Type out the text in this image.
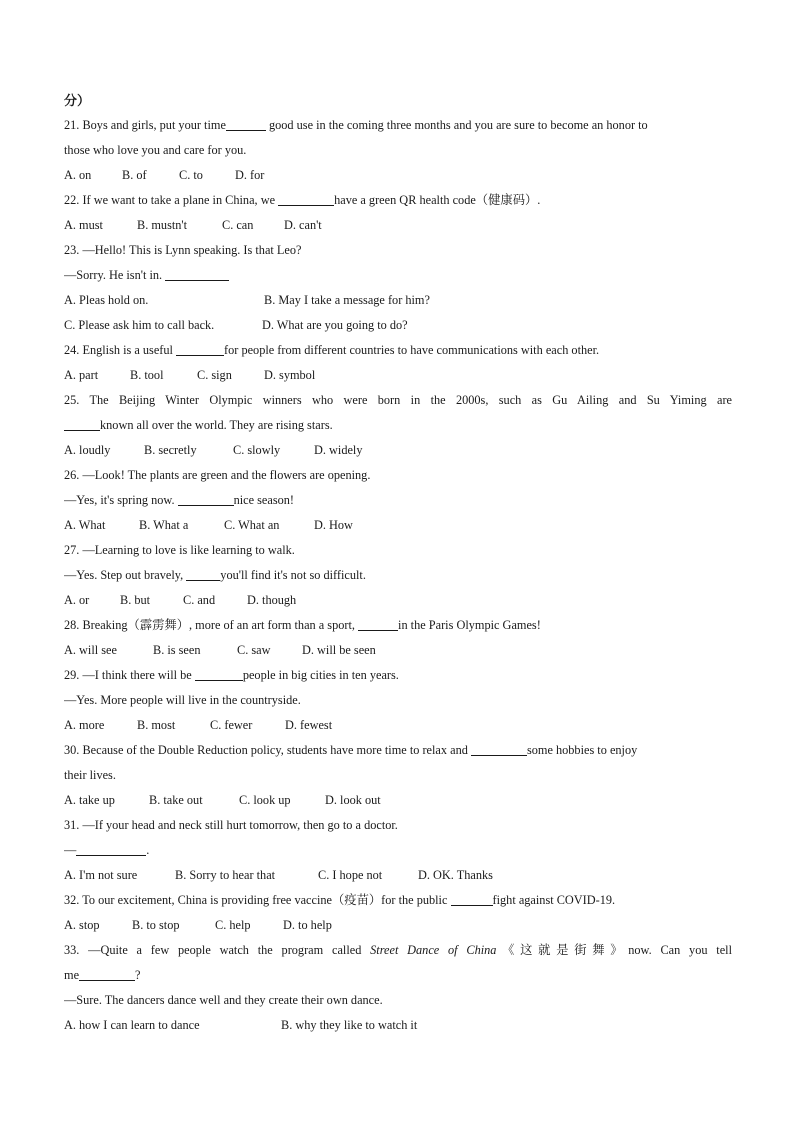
分）
21. Boys and girls, put your time	good use in the coming three months and you are sure to become an honor to
those who love you and care for you.
A. on	B. of	C. to	D. for
22. If we want to take a plane in China, we	have a green QR health code（健康码）.
A. must	B. mustn't	C. can	D. can't
23. —Hello! This is Lynn speaking. Is that Leo?
—Sorry. He isn't in.
A. Pleas hold on.	B. May I take a message for him?
C. Please ask him to call back.	D. What are you going to do?
24. English is a useful	for people from different countries to have communications with each other.
A. part	B. tool	C. sign	D. symbol
25. The Beijing Winter Olympic winners who were born in the 2000s, such as Gu Ailing and Su Yiming are
known all over the world. They are rising stars.
A. loudly	B. secretly	C. slowly	D. widely
26. —Look! The plants are green and the flowers are opening.
—Yes, it's spring now.	nice season!
A. What	B. What a	C. What an	D. How
27. —Learning to love is like learning to walk.
—Yes. Step out bravely,	you'll find it's not so difficult.
A. or	B. but	C. and	D. though
28. Breaking（霹雳舞）, more of an art form than a sport,	in the Paris Olympic Games!
A. will see	B. is seen	C. saw	D. will be seen
29. —I think there will be	people in big cities in ten years.
—Yes. More people will live in the countryside.
A. more	B. most	C. fewer	D. fewest
30. Because of the Double Reduction policy, students have more time to relax and	some hobbies to enjoy
their lives.
A. take up	B. take out	C. look up	D. look out
31. —If your head and neck still hurt tomorrow, then go to a doctor.
—	.
A. I'm not sure	B. Sorry to hear that	C. I hope not	D. OK. Thanks
32. To our excitement, China is providing free vaccine（疫苗）for the public	fight against COVID-19.
A. stop	B. to stop	C. help	D. to help
33. —Quite a few people watch the program called Street Dance of China《这就是街舞》now. Can you tell
me	?
—Sure. The dancers dance well and they create their own dance.
A. how I can learn to dance	B. why they like to watch it
